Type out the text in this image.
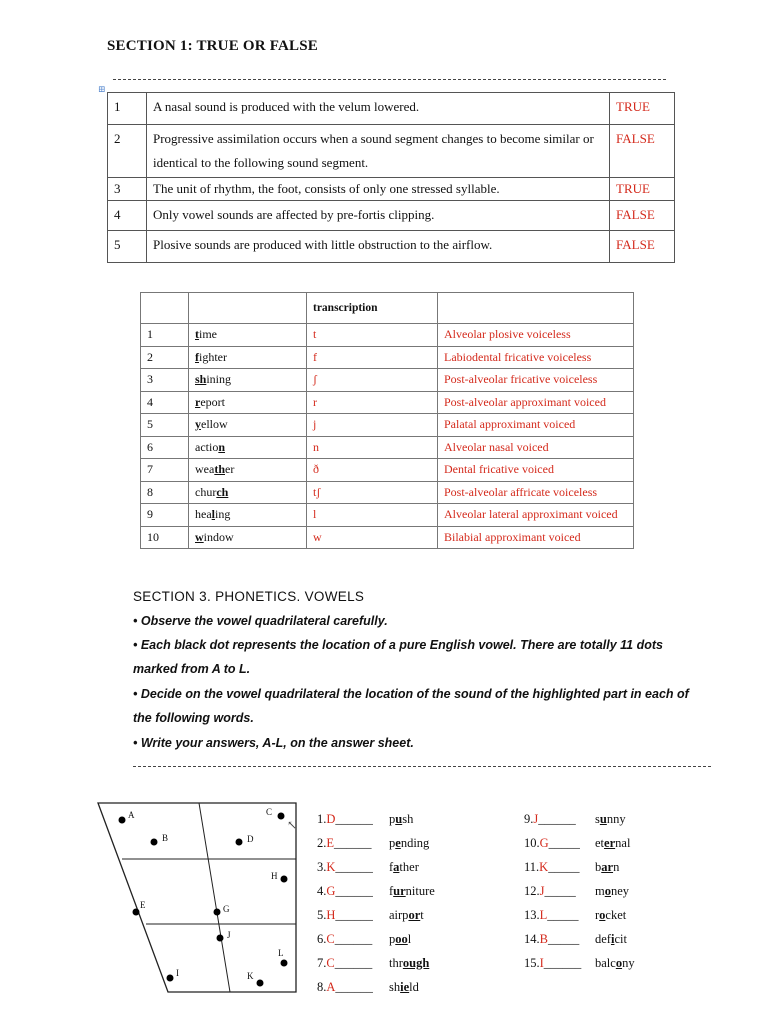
SECTION 1: TRUE OR FALSE
⊞
1	A nasal sound is produced with the velum lowered.	TRUE
2	Progressive assimilation occurs when a sound segment changes to become similar or identical to the following sound segment.	FALSE
3	The unit of rhythm, the foot, consists of only one stressed syllable.	TRUE
4	Only vowel sounds are affected by pre-fortis clipping.	FALSE
5	Plosive sounds are produced with little obstruction to the airflow.	FALSE
		transcription	
1	time	t	Alveolar plosive voiceless
2	fighter	f	Labiodental fricative voiceless
3	shining	ʃ	Post-alveolar fricative voiceless
4	report	r	Post-alveolar approximant voiced
5	yellow	j	Palatal approximant voiced
6	action	n	Alveolar nasal voiced
7	weather	ð	Dental fricative voiced
8	church	tʃ	Post-alveolar affricate voiceless
9	healing	l	Alveolar lateral approximant voiced
10	window	w	Bilabial approximant voiced
SECTION 3. PHONETICS. VOWELS
• Observe the vowel quadrilateral carefully.
• Each black dot represents the location of a pure English vowel. There are totally 11 dots
marked from A to L.
• Decide on the vowel quadrilateral the location of the sound of the highlighted part in each of
the following words.
• Write your answers, A-L, on the answer sheet.
A
B
C
D
E	G
H
I
J
K
L
↖ 1.D______	push
2.E______	pending
3.K______	father
4.G______	furniture
5.H______	airport
6.C______	pool
7.C______	through
8.A______	shield
9.J______	sunny
10.G_____	eternal
11.K_____	barn
12.J_____	money
13.L_____	rocket
14.B_____	deficit
15.I______	balcony
